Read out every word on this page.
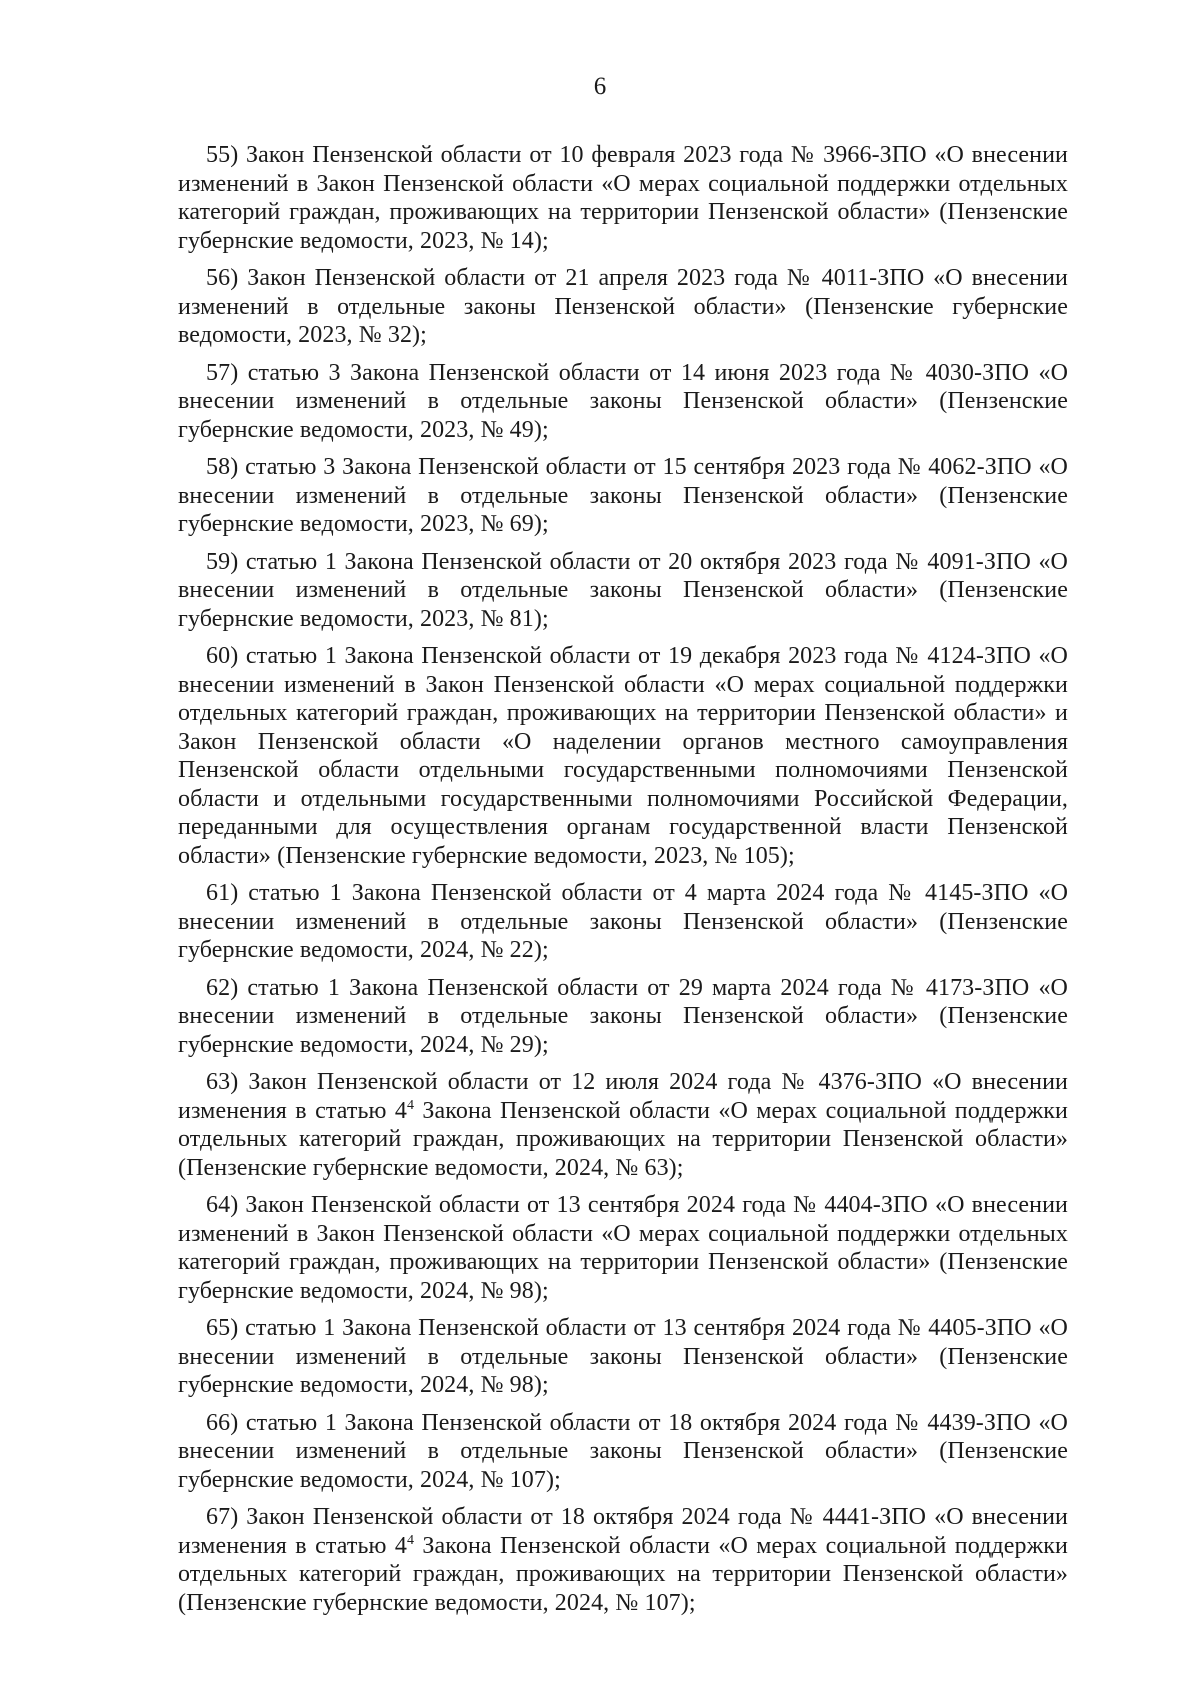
6

55) Закон Пензенской области от 10 февраля 2023 года № 3966-ЗПО «О внесении изменений в Закон Пензенской области «О мерах социальной поддержки отдельных категорий граждан, проживающих на территории Пензенской области» (Пензенские губернские ведомости, 2023, № 14);

56) Закон Пензенской области от 21 апреля 2023 года № 4011-ЗПО «О внесении изменений в отдельные законы Пензенской области» (Пензенские губернские ведомости, 2023, № 32);

57) статью 3 Закона Пензенской области от 14 июня 2023 года № 4030-ЗПО «О внесении изменений в отдельные законы Пензенской области» (Пензенские губернские ведомости, 2023, № 49);

58) статью 3 Закона Пензенской области от 15 сентября 2023 года № 4062-ЗПО «О внесении изменений в отдельные законы Пензенской области» (Пензенские губернские ведомости, 2023, № 69);

59) статью 1 Закона Пензенской области от 20 октября 2023 года № 4091-ЗПО «О внесении изменений в отдельные законы Пензенской области» (Пензенские губернские ведомости, 2023, № 81);

60) статью 1 Закона Пензенской области от 19 декабря 2023 года № 4124-ЗПО «О внесении изменений в Закон Пензенской области «О мерах социальной поддержки отдельных категорий граждан, проживающих на территории Пензенской области» и Закон Пензенской области «О наделении органов местного самоуправления Пензенской области отдельными государственными полномочиями Пензенской области и отдельными государственными полномочиями Российской Федерации, переданными для осуществления органам государственной власти Пензенской области» (Пензенские губернские ведомости, 2023, № 105);

61) статью 1 Закона Пензенской области от 4 марта 2024 года № 4145-ЗПО «О внесении изменений в отдельные законы Пензенской области» (Пензенские губернские ведомости, 2024, № 22);

62) статью 1 Закона Пензенской области от 29 марта 2024 года № 4173-ЗПО «О внесении изменений в отдельные законы Пензенской области» (Пензенские губернские ведомости, 2024, № 29);

63) Закон Пензенской области от 12 июля 2024 года № 4376-ЗПО «О внесении изменения в статью $4^4$ Закона Пензенской области «О мерах социальной поддержки отдельных категорий граждан, проживающих на территории Пензенской области» (Пензенские губернские ведомости, 2024, № 63);

64) Закон Пензенской области от 13 сентября 2024 года № 4404-ЗПО «О внесении изменений в Закон Пензенской области «О мерах социальной поддержки отдельных категорий граждан, проживающих на территории Пензенской области» (Пензенские губернские ведомости, 2024, № 98);

65) статью 1 Закона Пензенской области от 13 сентября 2024 года № 4405-ЗПО «О внесении изменений в отдельные законы Пензенской области» (Пензенские губернские ведомости, 2024, № 98);

66) статью 1 Закона Пензенской области от 18 октября 2024 года № 4439-ЗПО «О внесении изменений в отдельные законы Пензенской области» (Пензенские губернские ведомости, 2024, № 107);

67) Закон Пензенской области от 18 октября 2024 года № 4441-ЗПО «О внесении изменения в статью $4^4$ Закона Пензенской области «О мерах социальной поддержки отдельных категорий граждан, проживающих на территории Пензенской области» (Пензенские губернские ведомости, 2024, № 107);
